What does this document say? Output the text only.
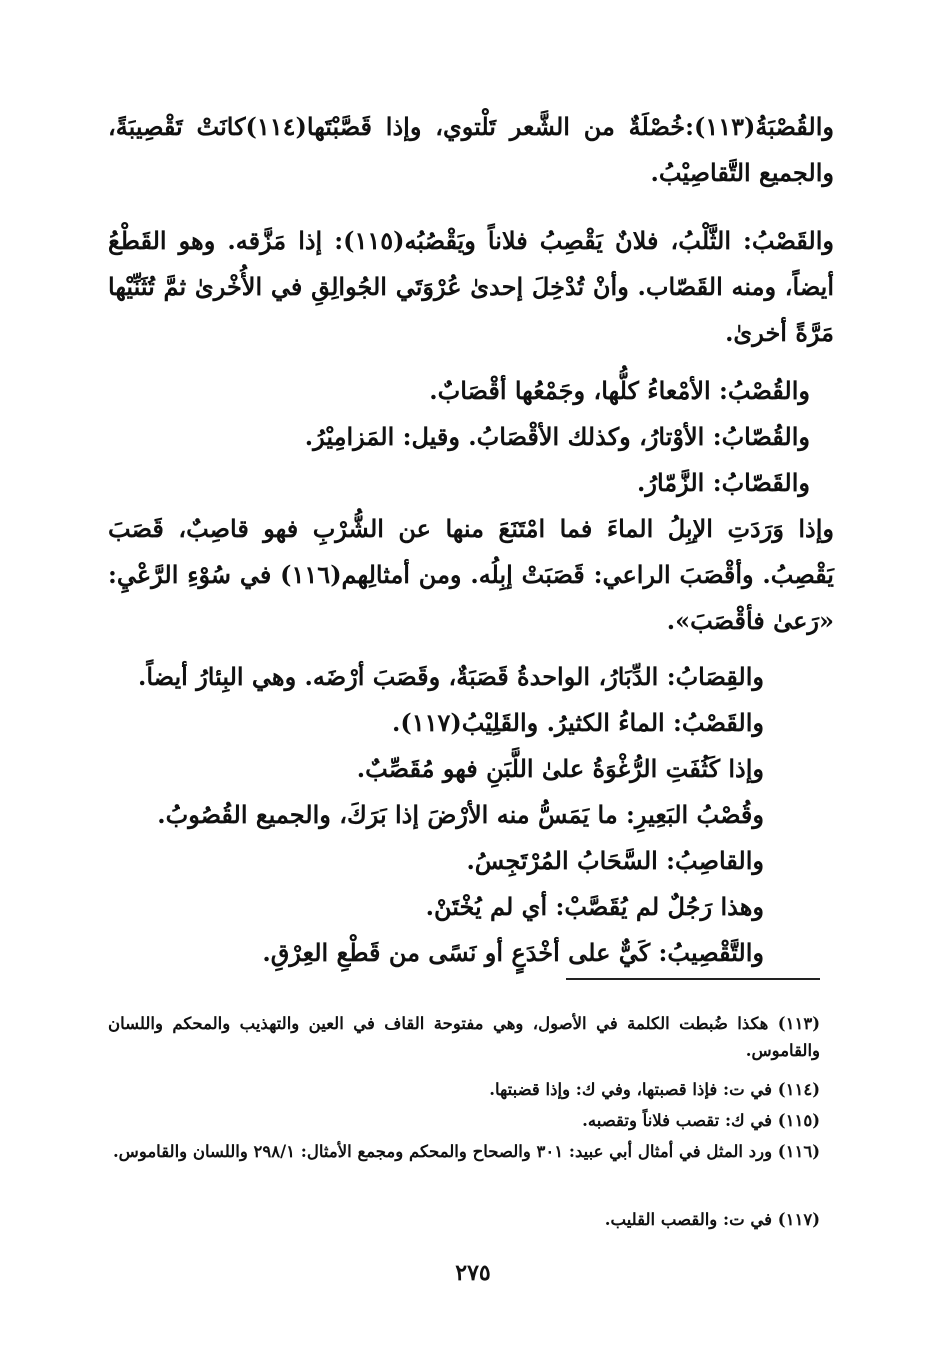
والقُصْبَةُ(١١٣):خُصْلَةٌ من الشَّعر تَلْتوي، وإذا قَصَّبْتَها(١١٤)كانَتْ تَقْصِيبَةً، والجميع التَّقاصِيْبُ.

والقَصْبُ: الثَّلْبُ، فلانٌ يَقْصِبُ فلاناً ويَقْصُبُه(١١٥): إذا مَزَّقه. وهو القَطْعُ أيضاً، ومنه القَصّاب. وأنْ تُدْخِلَ إحدىٰ عُرْوَتَي الجُوالِقِ في الأُخْرىٰ ثمَّ تُثَنِّيْها مَرَّةً أخرىٰ.

والقُصْبُ: الأمْعاءُ كلُّها، وجَمْعُها أقْصَابٌ.

والقُصّابُ: الأوْتارُ، وكذلك الأقْصَابُ. وقيل: المَزامِيْرُ.

والقَصّابُ: الزَّمّارُ.

وإذا وَرَدَتِ الإبِلُ الماءَ فما امْتَنَعَ منها عن الشُّرْبِ فهو قاصِبٌ، قَصَبَ يَقْصِبُ. وأقْصَبَ الراعي: قَصَبَتْ إبِلُه. ومن أمثالِهم(١١٦) في سُوْءِ الرَّعْيِ: «رَعىٰ فأقْصَبَ».

والقِصَابُ: الدِّبَارُ، الواحدةُ قَصَبَةٌ، وقَصَبَ أرْضَه. وهي البِئارُ أيضاً.

والقَصْبُ: الماءُ الكثيرُ. والقَلِيْبُ(١١٧).

وإذا كَثُفَتِ الرُّغْوَةُ علىٰ اللَّبَنِ فهو مُقَصِّبٌ.

وقُصْبُ البَعِيرِ: ما يَمَسُّ منه الأرْضَ إذا بَرَكَ، والجميع القُصُوبُ.

والقاصِبُ: السَّحَابُ المُرْتَجِسُ.

وهذا رَجُلٌ لم يُقَصَّبْ: أي لم يُخْتَنْ.

والتَّقْصِيبُ: كَيٌّ على أخْدَعٍ أو نَسًى من قَطْعِ العِرْقِ.

(١١٣) هكذا ضُبطت الكلمة في الأصول، وهي مفتوحة القاف في العين والتهذيب والمحكم واللسان والقاموس.

(١١٤) في ت: فإذا قصبتها، وفي ك: وإذا قضبتها.

(١١٥) في ك: تقصب فلاناً وتقصبه.

(١١٦) ورد المثل في أمثال أبي عبيد: ٣٠١ والصحاح والمحكم ومجمع الأمثال: ٢٩٨/١ واللسان والقاموس.

(١١٧) في ت: والقصب القليب.

٢٧٥
